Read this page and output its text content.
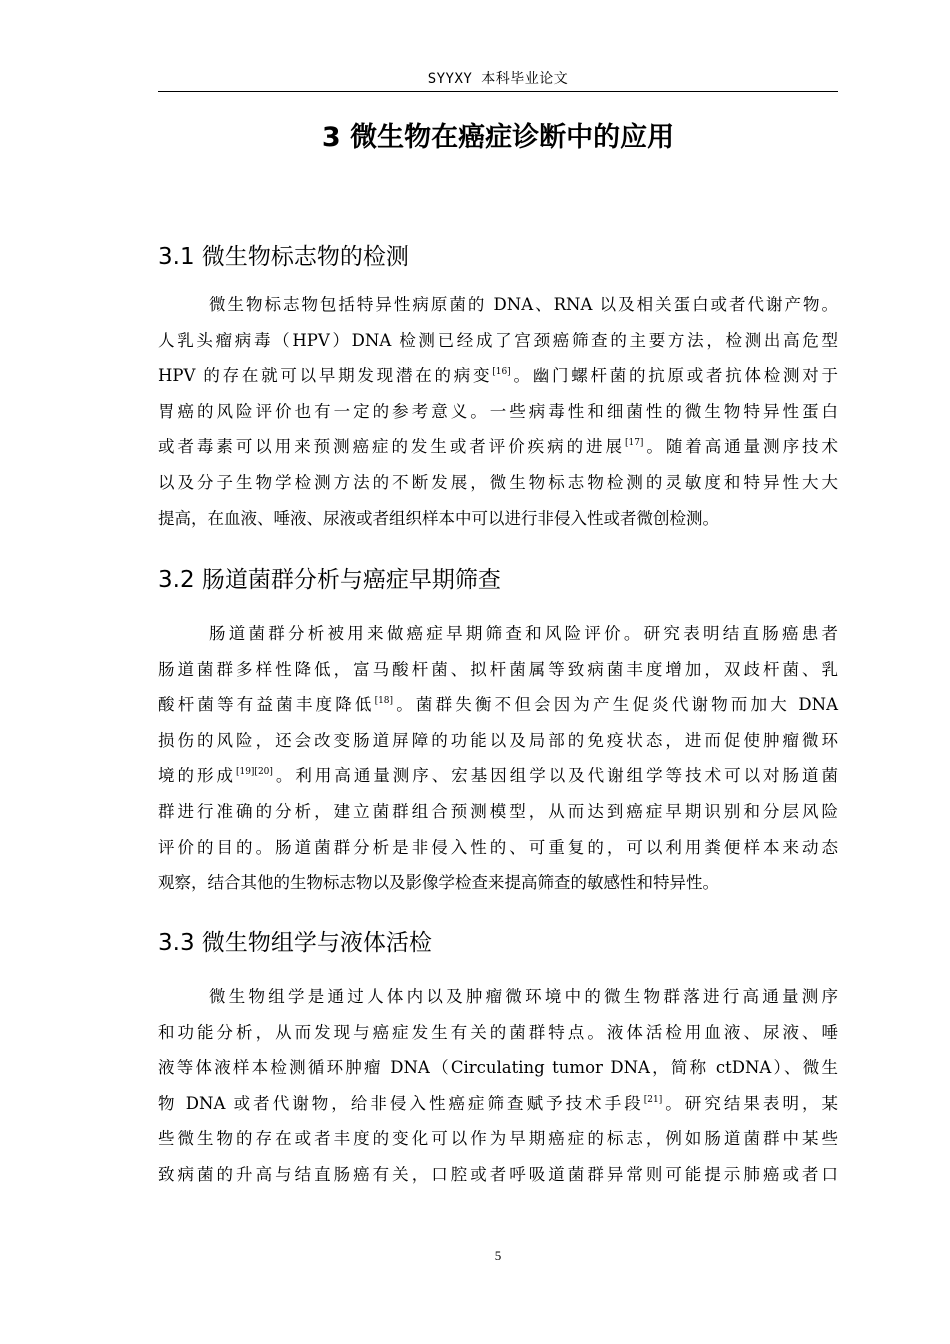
SYYXY 本科毕业论文
3 微生物在癌症诊断中的应用
3.1 微生物标志物的检测
微生物标志物包括特异性病原菌的 DNA、RNA 以及相关蛋白或者代谢产物。
人乳头瘤病毒（HPV）DNA 检测已经成了宫颈癌筛查的主要方法，检测出高危型
HPV 的存在就可以早期发现潜在的病变[16]。幽门螺杆菌的抗原或者抗体检测对于
胃癌的风险评价也有一定的参考意义。一些病毒性和细菌性的微生物特异性蛋白
或者毒素可以用来预测癌症的发生或者评价疾病的进展[17]。随着高通量测序技术
以及分子生物学检测方法的不断发展，微生物标志物检测的灵敏度和特异性大大
提高，在血液、唾液、尿液或者组织样本中可以进行非侵入性或者微创检测。
3.2 肠道菌群分析与癌症早期筛查
肠道菌群分析被用来做癌症早期筛查和风险评价。研究表明结直肠癌患者
肠道菌群多样性降低，富马酸杆菌、拟杆菌属等致病菌丰度增加，双歧杆菌、乳
酸杆菌等有益菌丰度降低[18]。菌群失衡不但会因为产生促炎代谢物而加大 DNA
损伤的风险，还会改变肠道屏障的功能以及局部的免疫状态，进而促使肿瘤微环
境的形成[19][20]。利用高通量测序、宏基因组学以及代谢组学等技术可以对肠道菌
群进行准确的分析，建立菌群组合预测模型，从而达到癌症早期识别和分层风险
评价的目的。肠道菌群分析是非侵入性的、可重复的，可以利用粪便样本来动态
观察，结合其他的生物标志物以及影像学检查来提高筛查的敏感性和特异性。
3.3 微生物组学与液体活检
微生物组学是通过人体内以及肿瘤微环境中的微生物群落进行高通量测序
和功能分析，从而发现与癌症发生有关的菌群特点。液体活检用血液、尿液、唾
液等体液样本检测循环肿瘤 DNA（Circulating tumor DNA，简称 ctDNA）、微生
物 DNA 或者代谢物，给非侵入性癌症筛查赋予技术手段[21]。研究结果表明，某
些微生物的存在或者丰度的变化可以作为早期癌症的标志，例如肠道菌群中某些
致病菌的升高与结直肠癌有关，口腔或者呼吸道菌群异常则可能提示肺癌或者口
5
